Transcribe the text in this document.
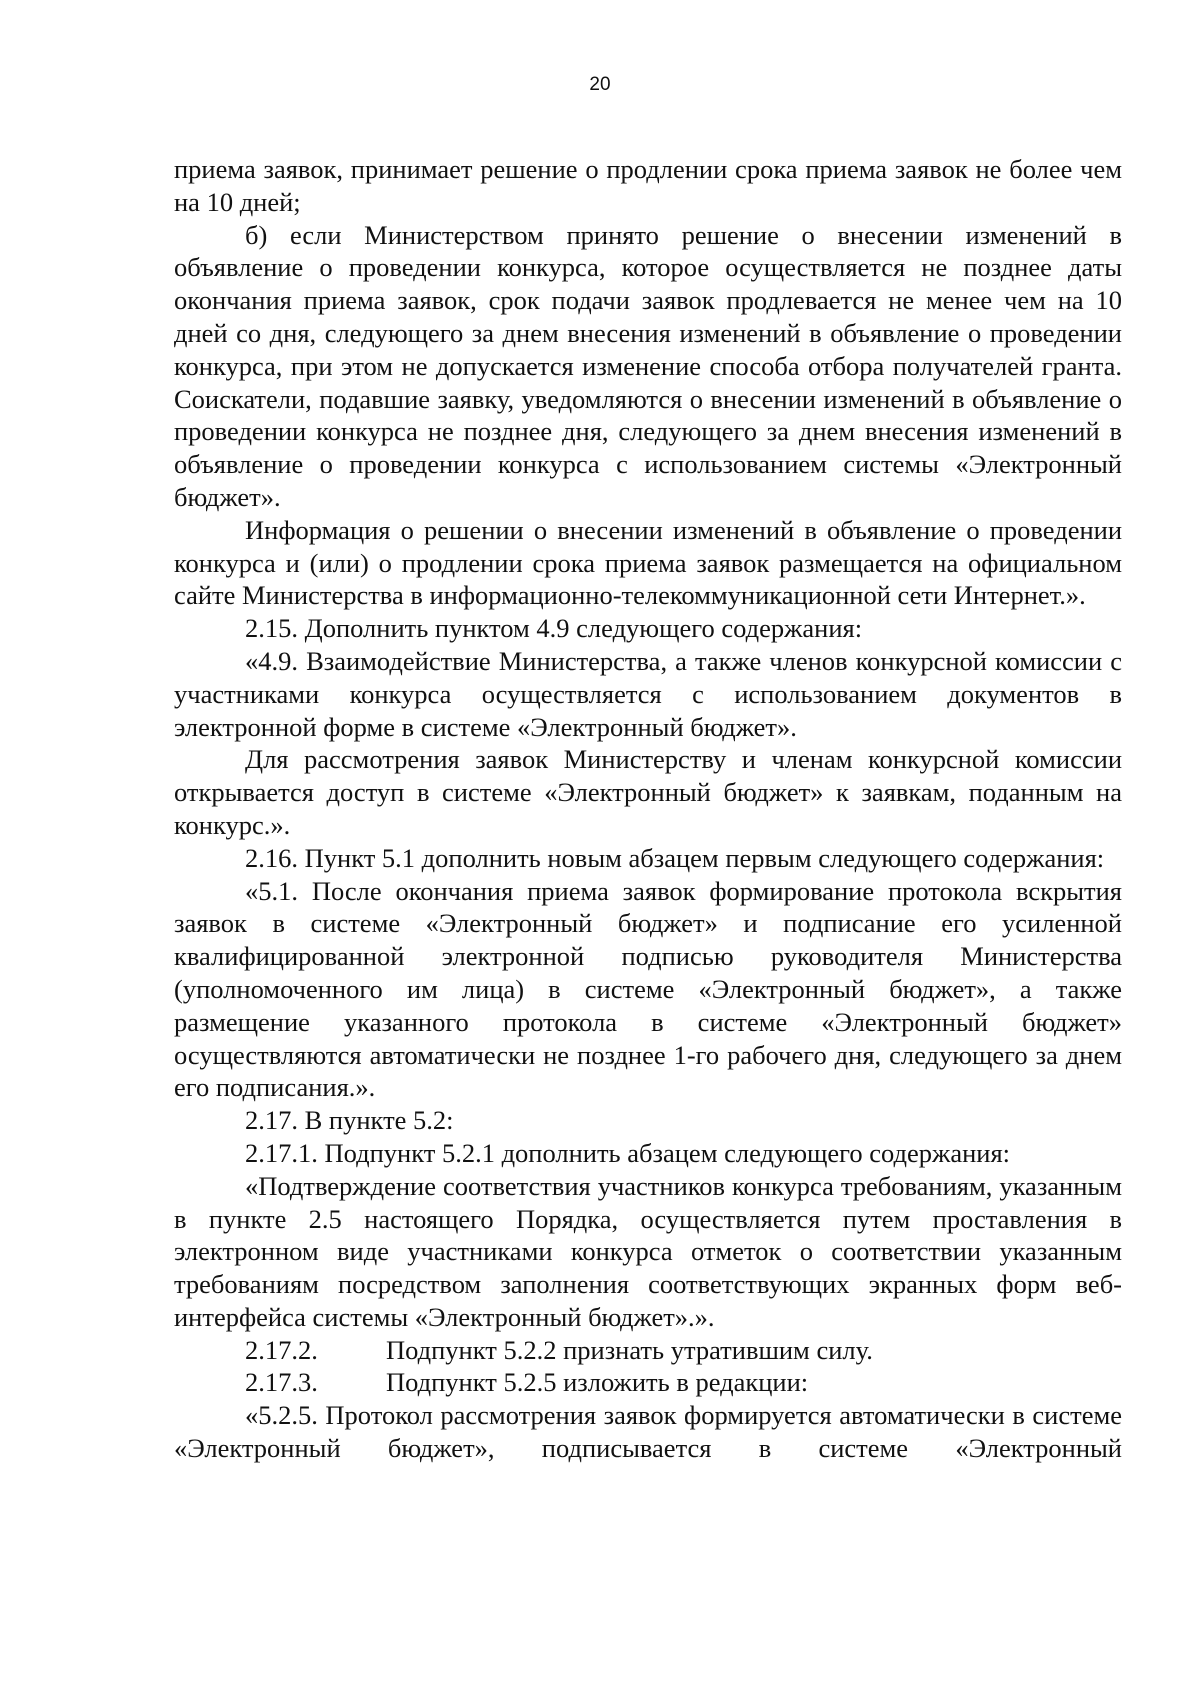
20

приема заявок, принимает решение о продлении срока приема заявок не более чем на 10 дней;

б) если Министерством принято решение о внесении изменений в объявление о проведении конкурса, которое осуществляется не позднее даты окончания приема заявок, срок подачи заявок продлевается не менее чем на 10 дней со дня, следующего за днем внесения изменений в объявление о проведении конкурса, при этом не допускается изменение способа отбора получателей гранта. Соискатели, подавшие заявку, уведомляются о внесении изменений в объявление о проведении конкурса не позднее дня, следующего за днем внесения изменений в объявление о проведении конкурса с использованием системы «Электронный бюджет».

Информация о решении о внесении изменений в объявление о проведении конкурса и (или) о продлении срока приема заявок размещается на официальном сайте Министерства в информационно-телекоммуникационной сети Интернет.».

2.15. Дополнить пунктом 4.9 следующего содержания:

«4.9. Взаимодействие Министерства, а также членов конкурсной комиссии с участниками конкурса осуществляется с использованием документов в электронной форме в системе «Электронный бюджет».

Для рассмотрения заявок Министерству и членам конкурсной комиссии открывается доступ в системе «Электронный бюджет» к заявкам, поданным на конкурс.».

2.16. Пункт 5.1 дополнить новым абзацем первым следующего содержания:

«5.1. После окончания приема заявок формирование протокола вскрытия заявок в системе «Электронный бюджет» и подписание его усиленной квалифицированной электронной подписью руководителя Министерства (уполномоченного им лица) в системе «Электронный бюджет», а также размещение указанного протокола в системе «Электронный бюджет» осуществляются автоматически не позднее 1-го рабочего дня, следующего за днем его подписания.».

2.17. В пункте 5.2:

2.17.1. Подпункт 5.2.1 дополнить абзацем следующего содержания:

«Подтверждение соответствия участников конкурса требованиям, указанным в пункте 2.5 настоящего Порядка, осуществляется путем проставления в электронном виде участниками конкурса отметок о соответствии указанным требованиям посредством заполнения соответствующих экранных форм веб-интерфейса системы «Электронный бюджет».».

2.17.2.	Подпункт 5.2.2 признать утратившим силу.
2.17.3.	Подпункт 5.2.5 изложить в редакции:

«5.2.5. Протокол рассмотрения заявок формируется автоматически в системе «Электронный бюджет», подписывается в системе «Электронный
